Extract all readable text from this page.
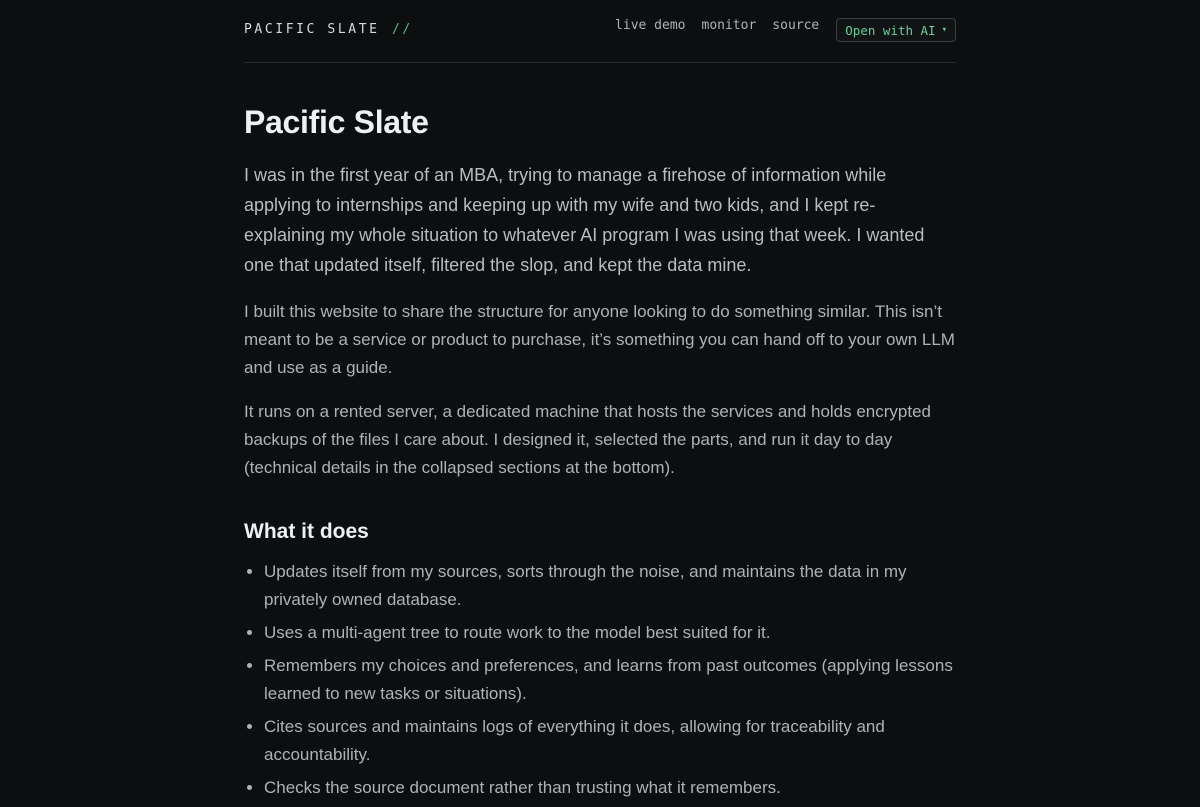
PACIFIC SLATE //	live demo monitor source Open with AI ▾
Pacific Slate

I was in the first year of an MBA, trying to manage a firehose of information while applying to internships and keeping up with my wife and two kids, and I kept re-explaining my whole situation to whatever AI program I was using that week. I wanted one that updated itself, filtered the slop, and kept the data mine.

I built this website to share the structure for anyone looking to do something similar. This isn’t meant to be a service or product to purchase, it’s something you can hand off to your own LLM and use as a guide.

It runs on a rented server, a dedicated machine that hosts the services and holds encrypted backups of the files I care about. I designed it, selected the parts, and run it day to day (technical details in the collapsed sections at the bottom).

What it does
• Updates itself from my sources, sorts through the noise, and maintains the data in my privately owned database.
• Uses a multi-agent tree to route work to the model best suited for it.
• Remembers my choices and preferences, and learns from past outcomes (applying lessons learned to new tasks or situations).
• Cites sources and maintains logs of everything it does, allowing for traceability and accountability.
• Checks the source document rather than trusting what it remembers.
